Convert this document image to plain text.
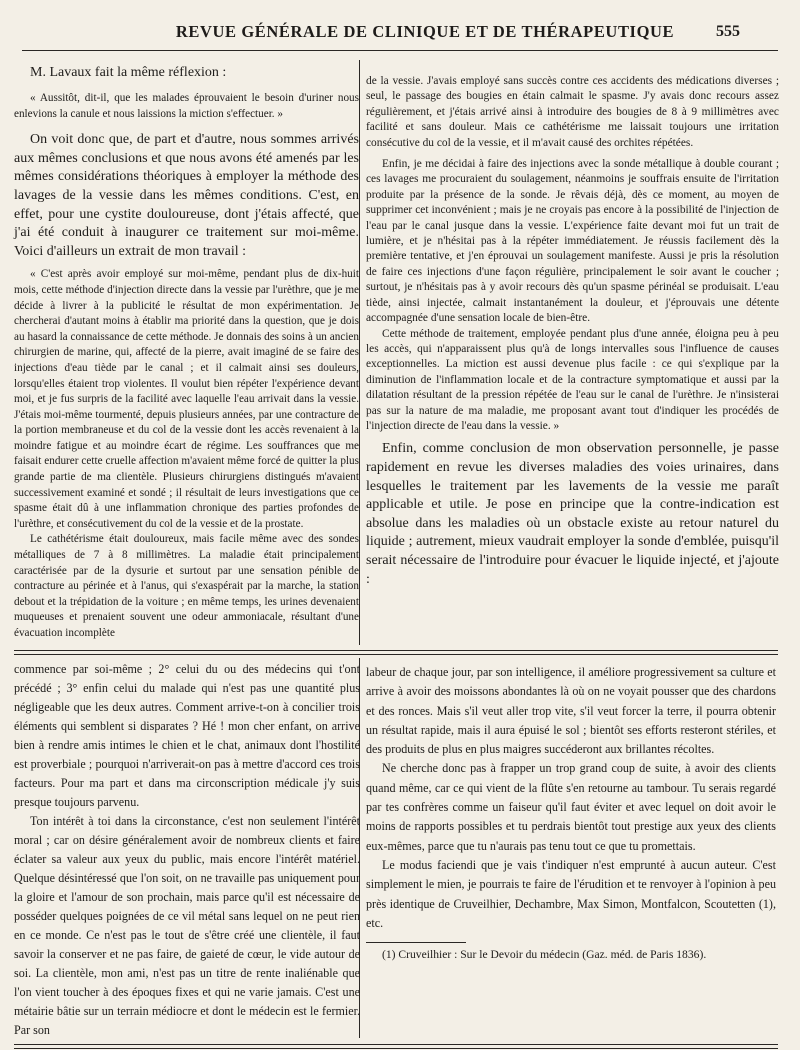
REVUE GÉNÉRALE DE CLINIQUE ET DE THÉRAPEUTIQUE	555

M. Lavaux fait la même réflexion :

« Aussitôt, dit-il, que les malades éprouvaient le besoin d'uriner nous enlevions la canule et nous laissions la miction s'effectuer. »

On voit donc que, de part et d'autre, nous sommes arrivés aux mêmes conclusions et que nous avons été amenés par les mêmes considérations théoriques à employer la méthode des lavages de la vessie dans les mêmes conditions. C'est, en effet, pour une cystite douloureuse, dont j'étais affecté, que j'ai été conduit à inaugurer ce traitement sur moi-même. Voici d'ailleurs un extrait de mon travail :

« C'est après avoir employé sur moi-même, pendant plus de dix-huit mois, cette méthode d'injection directe dans la vessie par l'urèthre, que je me décide à livrer à la publicité le résultat de mon expérimentation. Je chercherai d'autant moins à établir ma priorité dans la question, que je dois au hasard la connaissance de cette méthode. Je donnais des soins à un ancien chirurgien de marine, qui, affecté de la pierre, avait imaginé de se faire des injections d'eau tiède par le canal ; et il calmait ainsi ses douleurs, lorsqu'elles étaient trop violentes. Il voulut bien répéter l'expérience devant moi, et je fus surpris de la facilité avec laquelle l'eau arrivait dans la vessie. J'étais moi-même tourmenté, depuis plusieurs années, par une contracture de la portion membraneuse et du col de la vessie dont les accès revenaient à la moindre fatigue et au moindre écart de régime. Les souffrances que me faisait endurer cette cruelle affection m'avaient même forcé de quitter la plus grande partie de ma clientèle. Plusieurs chirurgiens distingués m'avaient successivement examiné et sondé ; il résultait de leurs investigations que ce spasme était dû à une inflammation chronique des parties profondes de l'urèthre, et consécutivement du col de la vessie et de la prostate.

Le cathétérisme était douloureux, mais facile même avec des sondes métalliques de 7 à 8 millimètres. La maladie était principalement caractérisée par de la dysurie et surtout par une sensation pénible de contracture au périnée et à l'anus, qui s'exaspérait par la marche, la station debout et la trépidation de la voiture ; en même temps, les urines devenaient muqueuses et prenaient souvent une odeur ammoniacale, résultant d'une évacuation incomplète

de la vessie. J'avais employé sans succès contre ces accidents des médications diverses ; seul, le passage des bougies en étain calmait le spasme. J'y avais donc recours assez régulièrement, et j'étais arrivé ainsi à introduire des bougies de 8 à 9 millimètres avec facilité et sans douleur. Mais ce cathétérisme me laissait toujours une irritation consécutive du col de la vessie, et il m'avait causé des orchites répétées.

Enfin, je me décidai à faire des injections avec la sonde métallique à double courant ; ces lavages me procuraient du soulagement, néanmoins je souffrais ensuite de l'irritation produite par la présence de la sonde. Je rêvais déjà, dès ce moment, au moyen de supprimer cet inconvénient ; mais je ne croyais pas encore à la possibilité de l'injection de l'eau par le canal jusque dans la vessie. L'expérience faite devant moi fut un trait de lumière, et je n'hésitai pas à la répéter immédiatement. Je réussis facilement dès la première tentative, et j'en éprouvai un soulagement manifeste. Aussi je pris la résolution de faire ces injections d'une façon régulière, principalement le soir avant le coucher ; surtout, je n'hésitais pas à y avoir recours dès qu'un spasme périnéal se produisait. L'eau tiède, ainsi injectée, calmait instantanément la douleur, et j'éprouvais une détente accompagnée d'une sensation locale de bien-être.

Cette méthode de traitement, employée pendant plus d'une année, éloigna peu à peu les accès, qui n'apparaissent plus qu'à de longs intervalles sous l'influence de causes exceptionnelles. La miction est aussi devenue plus facile : ce qui s'explique par la diminution de l'inflammation locale et de la contracture symptomatique et aussi par la dilatation résultant de la pression répétée de l'eau sur le canal de l'urèthre. Je n'insisterai pas sur la nature de ma maladie, me proposant avant tout d'indiquer les procédés de l'injection directe de l'eau dans la vessie. »

Enfin, comme conclusion de mon observation personnelle, je passe rapidement en revue les diverses maladies des voies urinaires, dans lesquelles le traitement par les lavements de la vessie me paraît applicable et utile. Je pose en principe que la contre-indication est absolue dans les maladies où un obstacle existe au retour naturel du liquide ; autrement, mieux vaudrait employer la sonde d'emblée, puisqu'il serait nécessaire de l'introduire pour évacuer le liquide injecté, et j'ajoute :

commence par soi-même ; 2° celui du ou des médecins qui t'ont précédé ; 3° enfin celui du malade qui n'est pas une quantité plus négligeable que les deux autres. Comment arrive-t-on à concilier trois éléments qui semblent si disparates ? Hé ! mon cher enfant, on arrive bien à rendre amis intimes le chien et le chat, animaux dont l'hostilité est proverbiale ; pourquoi n'arriverait-on pas à mettre d'accord ces trois facteurs. Pour ma part et dans ma circonscription médicale j'y suis presque toujours parvenu.

Ton intérêt à toi dans la circonstance, c'est non seulement l'intérêt moral ; car on désire généralement avoir de nombreux clients et faire éclater sa valeur aux yeux du public, mais encore l'intérêt matériel. Quelque désintéressé que l'on soit, on ne travaille pas uniquement pour la gloire et l'amour de son prochain, mais parce qu'il est nécessaire de posséder quelques poignées de ce vil métal sans lequel on ne peut rien en ce monde. Ce n'est pas le tout de s'être créé une clientèle, il faut savoir la conserver et ne pas faire, de gaieté de cœur, le vide autour de soi. La clientèle, mon ami, n'est pas un titre de rente inaliénable que l'on vient toucher à des époques fixes et qui ne varie jamais. C'est une métairie bâtie sur un terrain médiocre et dont le médecin est le fermier. Par son

labeur de chaque jour, par son intelligence, il améliore progressivement sa culture et arrive à avoir des moissons abondantes là où on ne voyait pousser que des chardons et des ronces. Mais s'il veut aller trop vite, s'il veut forcer la terre, il pourra obtenir un résultat rapide, mais il aura épuisé le sol ; bientôt ses efforts resteront stériles, et des produits de plus en plus maigres succéderont aux brillantes récoltes.

Ne cherche donc pas à frapper un trop grand coup de suite, à avoir des clients quand même, car ce qui vient de la flûte s'en retourne au tambour. Tu serais regardé par tes confrères comme un faiseur qu'il faut éviter et avec lequel on doit avoir le moins de rapports possibles et tu perdrais bientôt tout prestige aux yeux des clients eux-mêmes, parce que tu n'aurais pas tenu tout ce que tu promettais.

Le modus faciendi que je vais t'indiquer n'est emprunté à aucun auteur. C'est simplement le mien, je pourrais te faire de l'érudition et te renvoyer à l'opinion à peu près identique de Cruveilhier, Dechambre, Max Simon, Montfalcon, Scoutetten (1), etc.

(1) Cruveilhier : Sur le Devoir du médecin (Gaz. méd. de Paris 1836).
